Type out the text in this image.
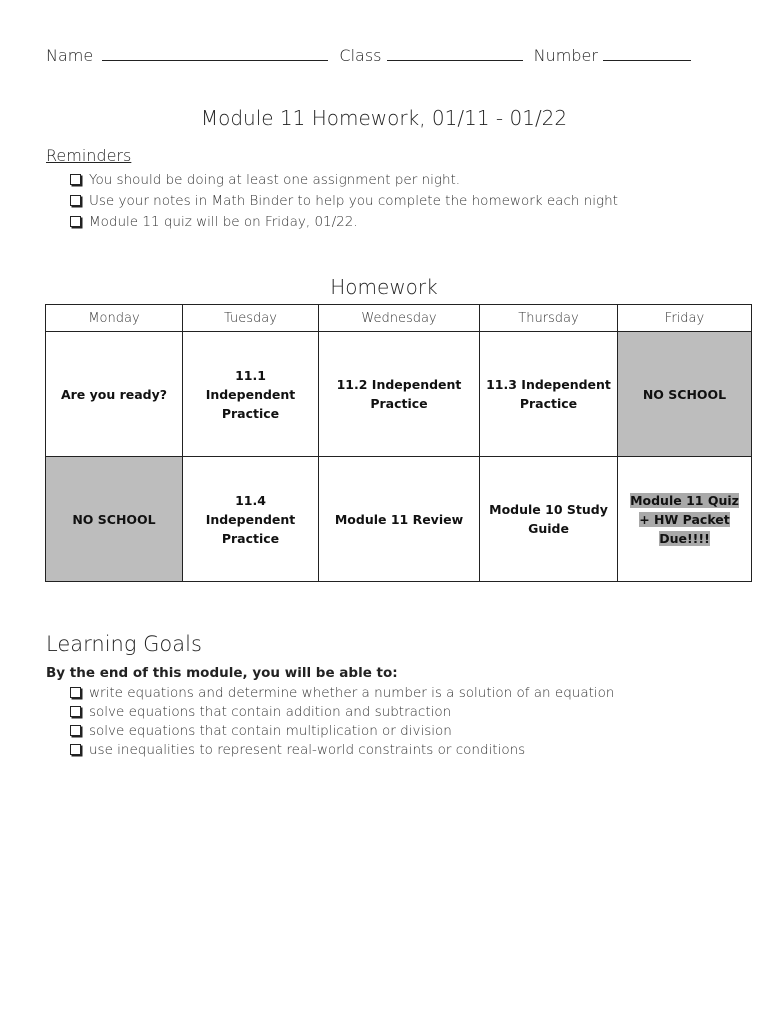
Name	Class	Number
Module 11 Homework, 01/11 - 01/22
Reminders
You should be doing at least one assignment per night.
Use your notes in Math Binder to help you complete the homework each night
Module 11 quiz will be on Friday, 01/22.
Homework
Monday	Tuesday	Wednesday	Thursday	Friday
Are you ready?	11.1 Independent Practice	11.2 Independent Practice	11.3 Independent Practice	NO SCHOOL
NO SCHOOL	11.4 Independent Practice	Module 11 Review	Module 10 Study Guide	Module 11 Quiz + HW Packet Due!!!!
Learning Goals
By the end of this module, you will be able to:
write equations and determine whether a number is a solution of an equation
solve equations that contain addition and subtraction
solve equations that contain multiplication or division
use inequalities to represent real-world constraints or conditions
